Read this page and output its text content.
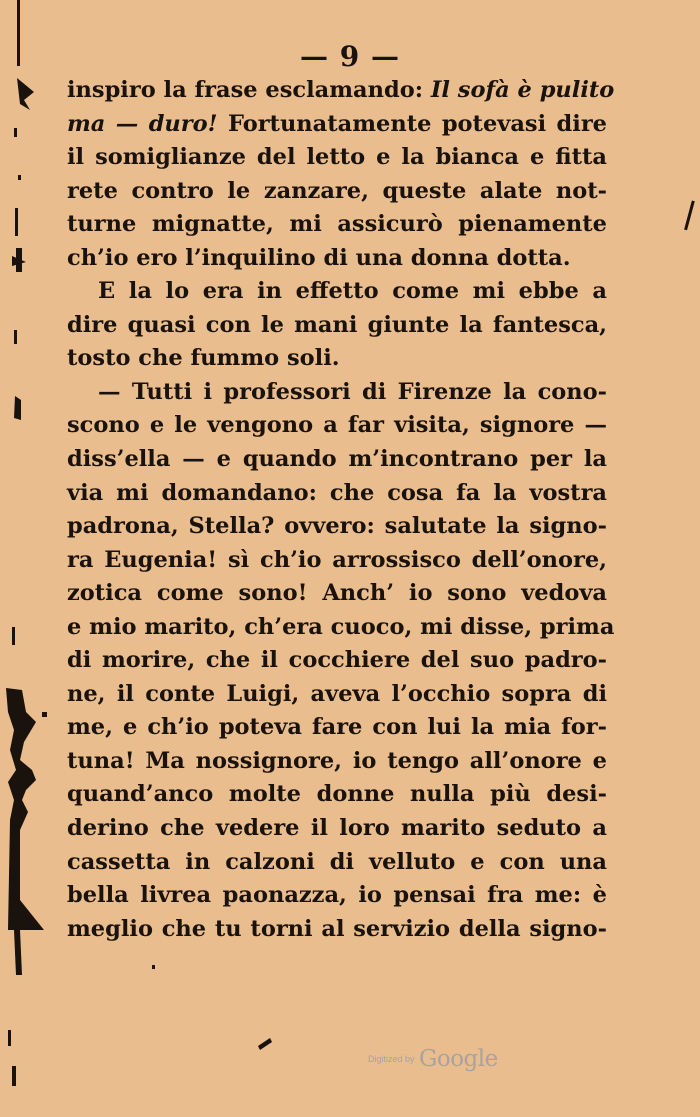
— 9 —
inspiro la frase esclamando: Il sofà è pulito
ma — duro! Fortunatamente potevasi dire
il somiglianze del letto e la bianca e fitta
rete contro le zanzare, queste alate not-
turne mignatte, mi assicurò pienamente
ch’io ero l’inquilino di una donna dotta.
E la lo era in effetto come mi ebbe a
dire quasi con le mani giunte la fantesca,
tosto che fummo soli.
— Tutti i professori di Firenze la cono-
scono e le vengono a far visita, signore —
diss’ella — e quando m’incontrano per la
via mi domandano: che cosa fa la vostra
padrona, Stella? ovvero: salutate la signo-
ra Eugenia! sì ch’io arrossisco dell’onore,
zotica come sono! Anch’ io sono vedova
e mio marito, ch’era cuoco, mi disse, prima
di morire, che il cocchiere del suo padro-
ne, il conte Luigi, aveva l’occhio sopra di
me, e ch’io poteva fare con lui la mia for-
tuna! Ma nossignore, io tengo all’onore e
quand’anco molte donne nulla più desi-
derino che vedere il loro marito seduto a
cassetta in calzoni di velluto e con una
bella livrea paonazza, io pensai fra me: è
meglio che tu torni al servizio della signo-
Digitized by Google
